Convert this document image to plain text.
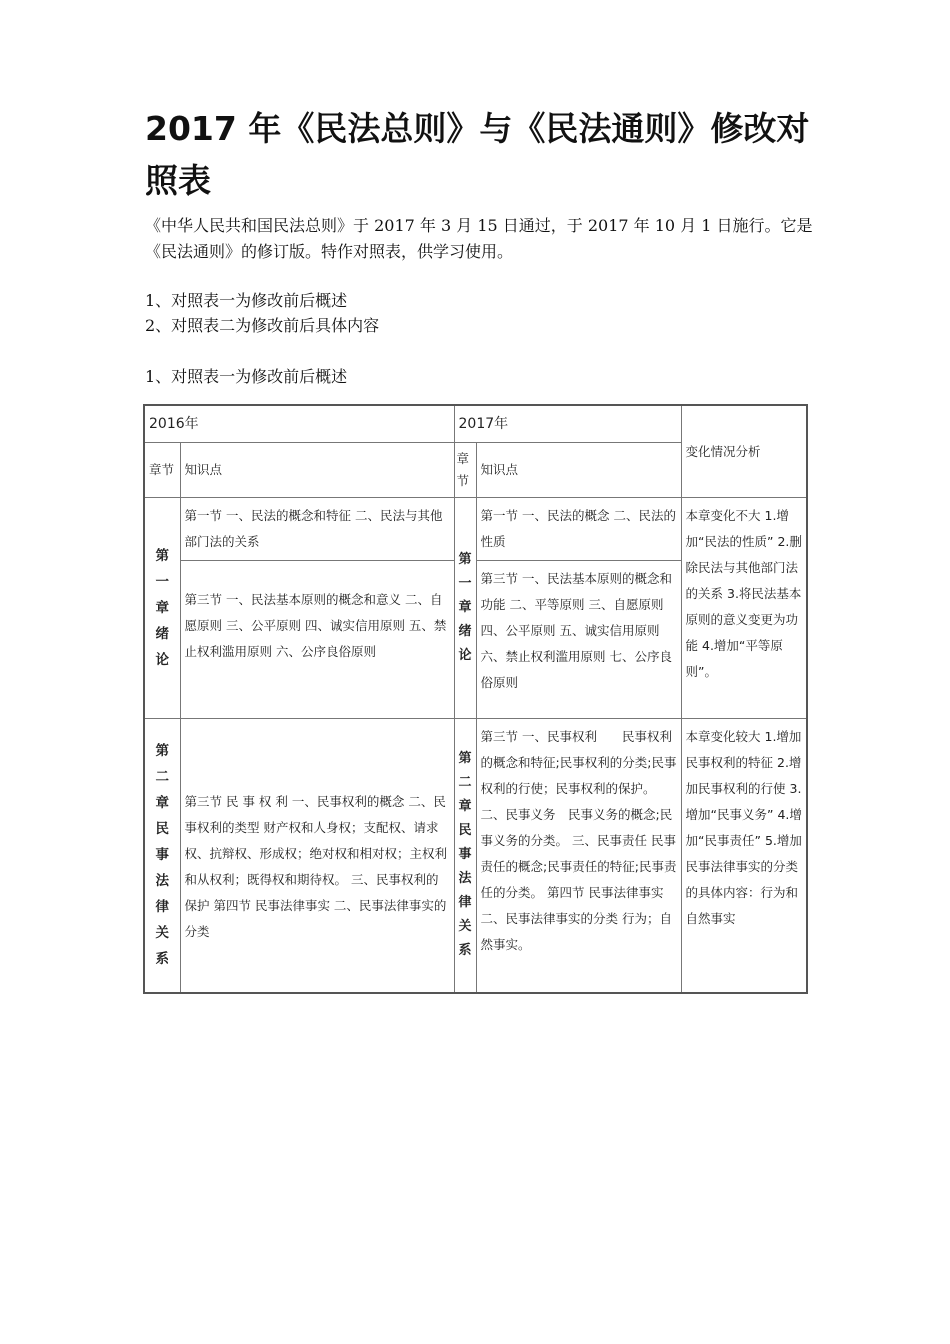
2017 年《民法总则》与《民法通则》修改对照表

《中华人民共和国民法总则》于 2017 年 3 月 15 日通过，于 2017 年 10 月 1 日施行。它是《民法通则》的修订版。特作对照表，供学习使用。

1、对照表一为修改前后概述

2、对照表二为修改前后具体内容

1、对照表一为修改前后概述

2016年		2017年		变化情况分析
章节	知识点	章节	知识点	
第一章绪论	第一节 一、民法的概念和特征 二、民法与其他部门法的关系	第一章绪论	第一节 一、民法的概念 二、民法的性质	本章变化不大 1.增加“民法的性质” 2.删除民法与其他部门法的关系 3.将民法基本原则的意义变更为功能 4.增加“平等原则”。
	第三节 一、民法基本原则的概念和意义 二、自愿原则 三、公平原则 四、诚实信用原则 五、禁止权利滥用原则 六、公序良俗原则		第三节 一、民法基本原则的概念和功能 二、平等原则 三、自愿原则 四、公平原则 五、诚实信用原则 六、禁止权利滥用原则 七、公序良俗原则	
第二章民事法律关系	第三节 民 事 权 利 一、民事权利的概念 二、民事权利的类型 财产权和人身权；支配权、请求权、抗辩权、形成权；绝对权和相对权；主权利和从权利；既得权和期待权。 三、民事权利的保护 第四节 民事法律事实 二、民事法律事实的分类	第二章民事法律关系	第三节 一、民事权利　　民事权利的概念和特征;民事权利的分类;民事权利的行使；民事权利的保护。 二、民事义务　民事义务的概念;民事义务的分类。 三、民事责任 民事责任的概念;民事责任的特征;民事责任的分类。 第四节 民事法律事实 二、民事法律事实的分类 行为；自然事实。	本章变化较大 1.增加民事权利的特征 2.增加民事权利的行使 3.增加“民事义务” 4.增加“民事责任” 5.增加民事法律事实的分类的具体内容：行为和自然事实
